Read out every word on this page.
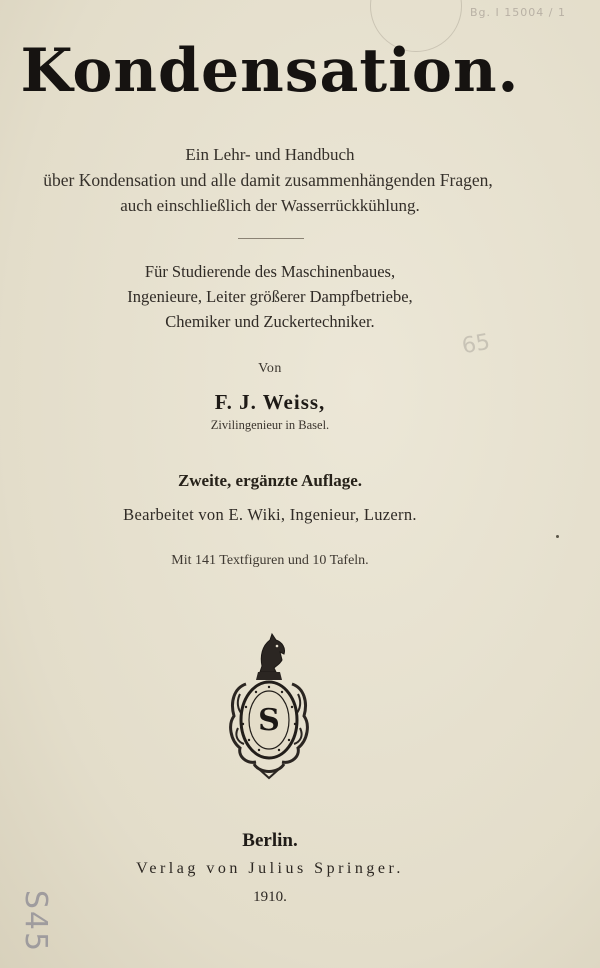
Bg. I 15004 / 1
Kondensation.
Ein Lehr- und Handbuch
über Kondensation und alle damit zusammenhängenden Fragen,
auch einschließlich der Wasserrückkühlung.
Für Studierende des Maschinenbaues,
Ingenieure, Leiter größerer Dampfbetriebe,
Chemiker und Zuckertechniker.
Von
F. J. Weiss,
Zivilingenieur in Basel.
Zweite, ergänzte Auflage.
Bearbeitet von E. Wiki, Ingenieur, Luzern.
Mit 141 Textfiguren und 10 Tafeln.
S
Berlin.
Verlag von Julius Springer.
1910.
65
S45
